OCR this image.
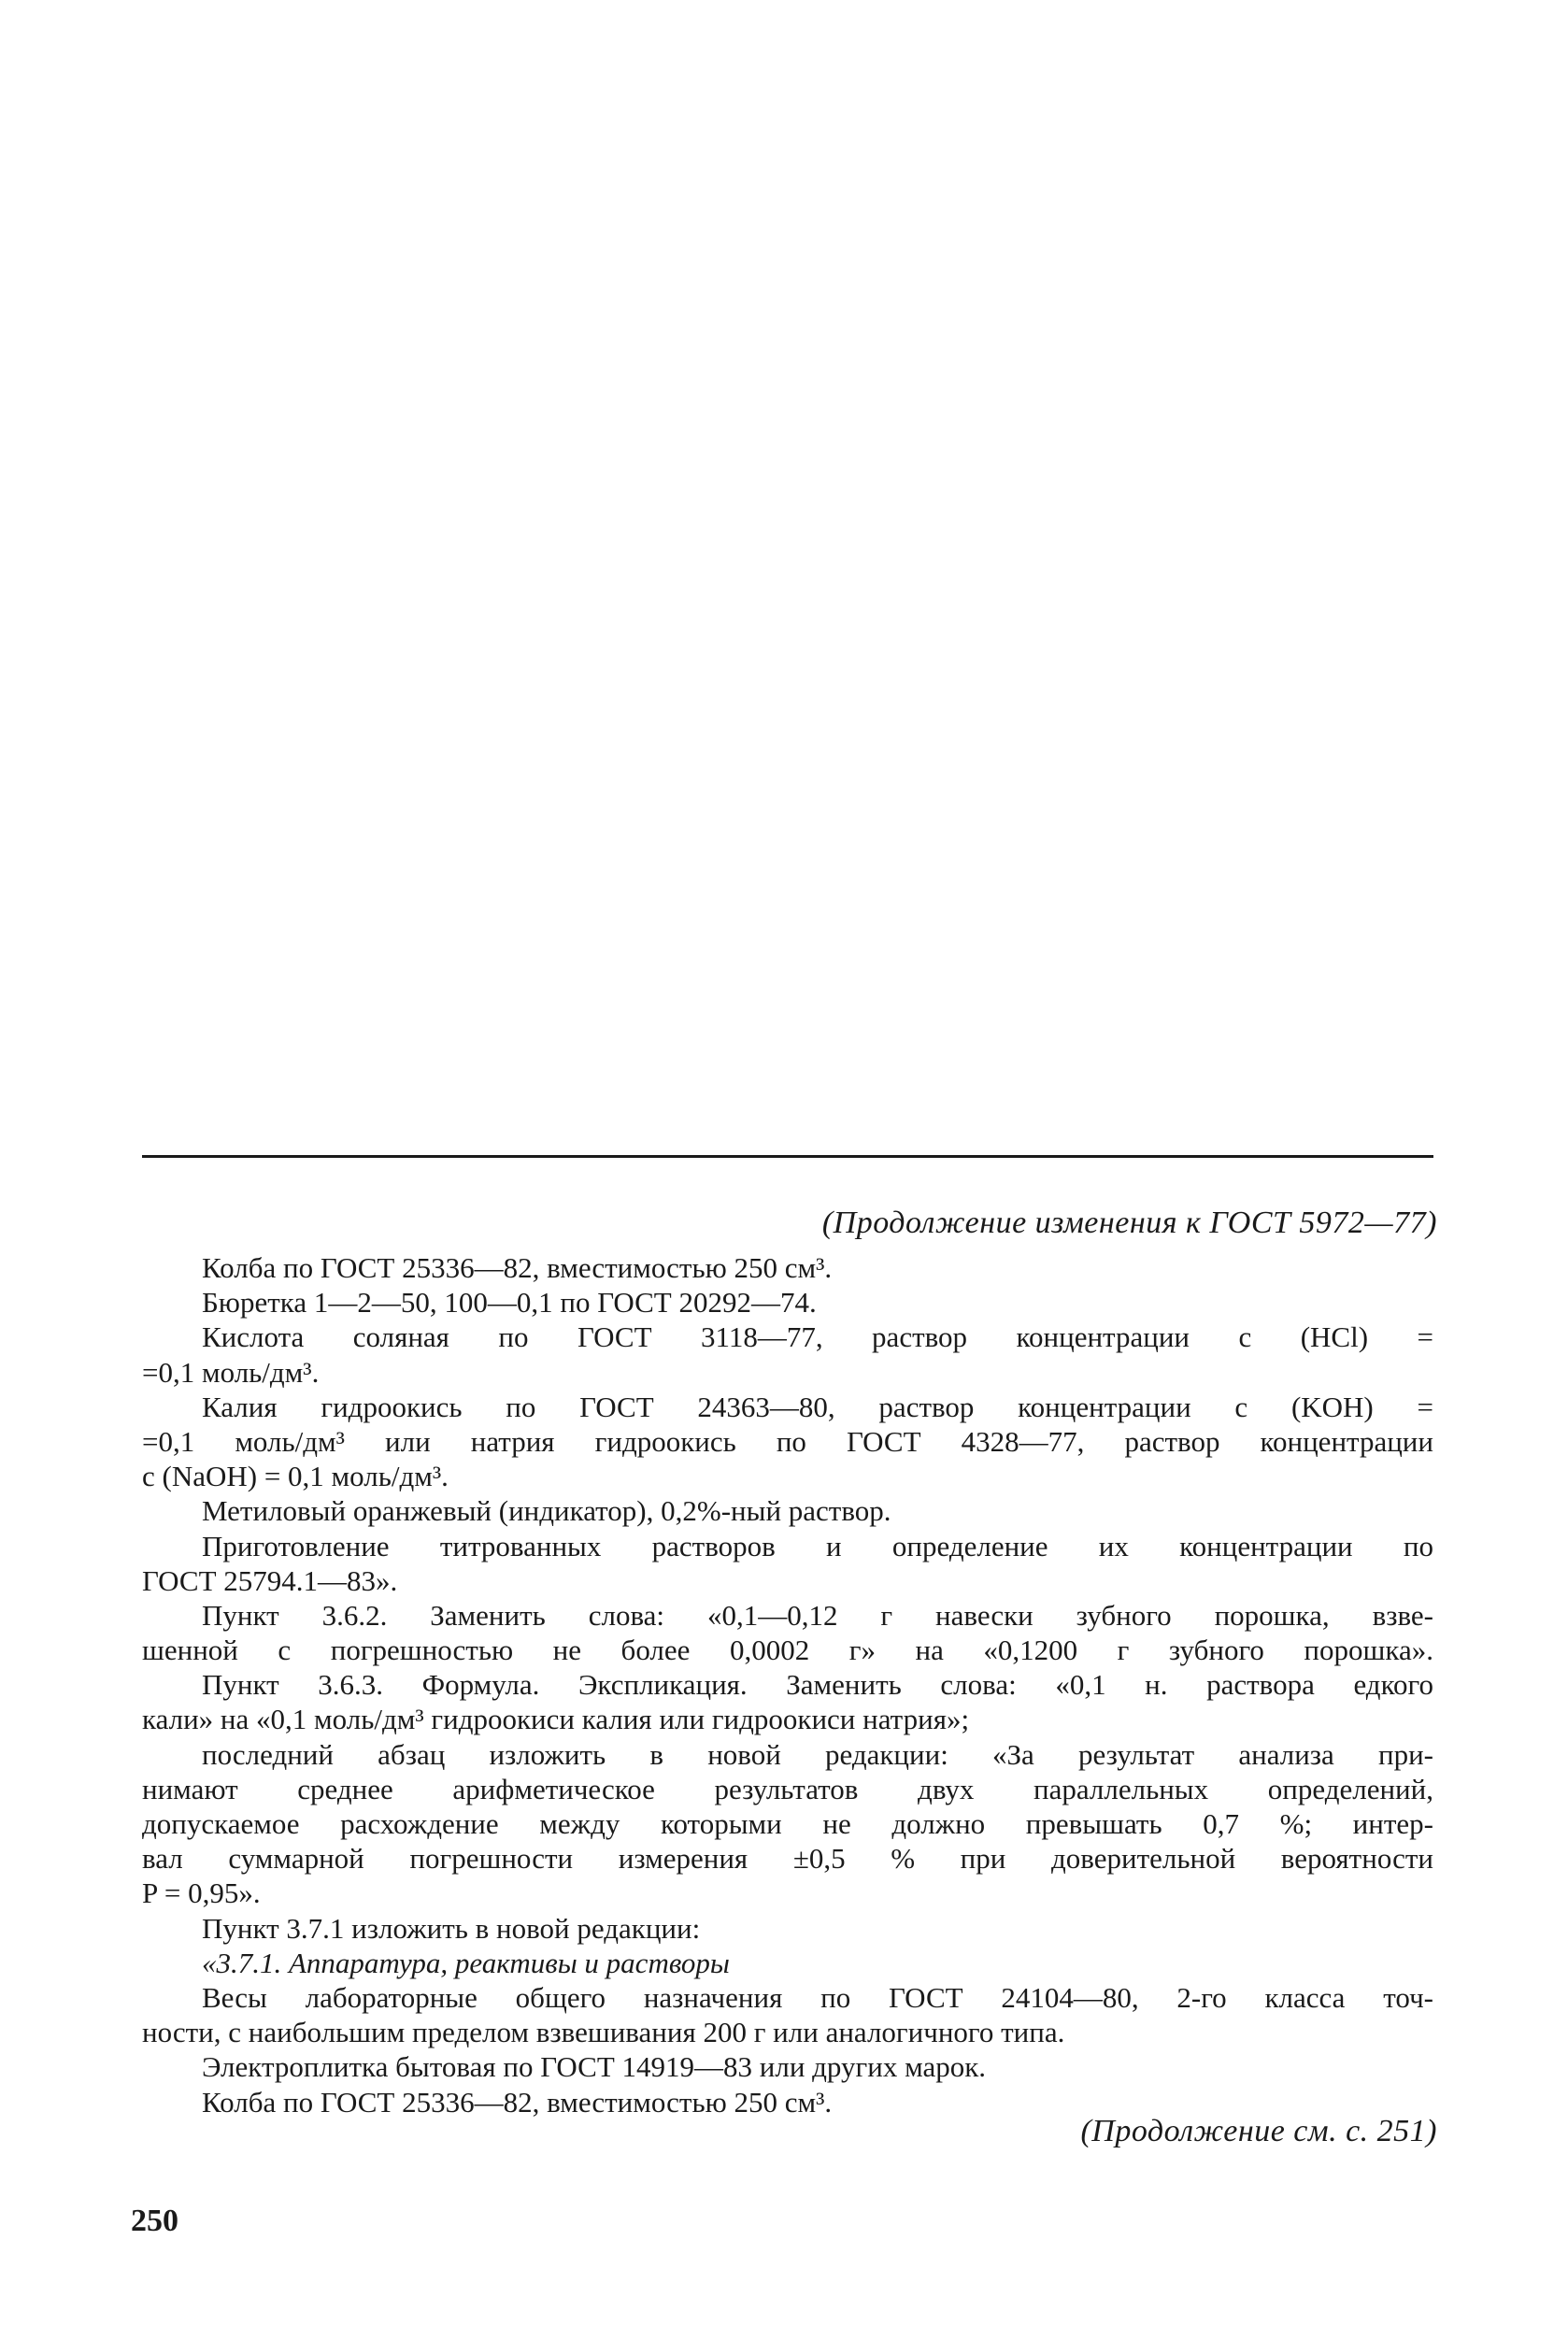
(Продолжение изменения к ГОСТ 5972—77)
Колба по ГОСТ 25336—82, вместимостью 250 см³.
Бюретка 1—2—50, 100—0,1 по ГОСТ 20292—74.
Кислота соляная по ГОСТ 3118—77, раствор концентрации с (HCl) =
=0,1 моль/дм³.
Калия гидроокись по ГОСТ 24363—80, раствор концентрации с (KOH) =
=0,1 моль/дм³ или натрия гидроокись по ГОСТ 4328—77, раствор концентрации
с (NaOH) = 0,1 моль/дм³.
Метиловый оранжевый (индикатор), 0,2%-ный раствор.
Приготовление титрованных растворов и определение их концентрации по
ГОСТ 25794.1—83».
Пункт 3.6.2. Заменить слова: «0,1—0,12 г навески зубного порошка, взве-
шенной с погрешностью не более 0,0002 г» на «0,1200 г зубного порошка».
Пункт 3.6.3. Формула. Экспликация. Заменить слова: «0,1 н. раствора едкого
кали» на «0,1 моль/дм³ гидроокиси калия или гидроокиси натрия»;
последний абзац изложить в новой редакции: «За результат анализа при-
нимают среднее арифметическое результатов двух параллельных определений,
допускаемое расхождение между которыми не должно превышать 0,7 %; интер-
вал суммарной погрешности измерения ±0,5 % при доверительной вероятности
P = 0,95».
Пункт 3.7.1 изложить в новой редакции:
«3.7.1. Аппаратура, реактивы и растворы
Весы лабораторные общего назначения по ГОСТ 24104—80, 2-го класса точ-
ности, с наибольшим пределом взвешивания 200 г или аналогичного типа.
Электроплитка бытовая по ГОСТ 14919—83 или других марок.
Колба по ГОСТ 25336—82, вместимостью 250 см³.
(Продолжение см. с. 251)
250
